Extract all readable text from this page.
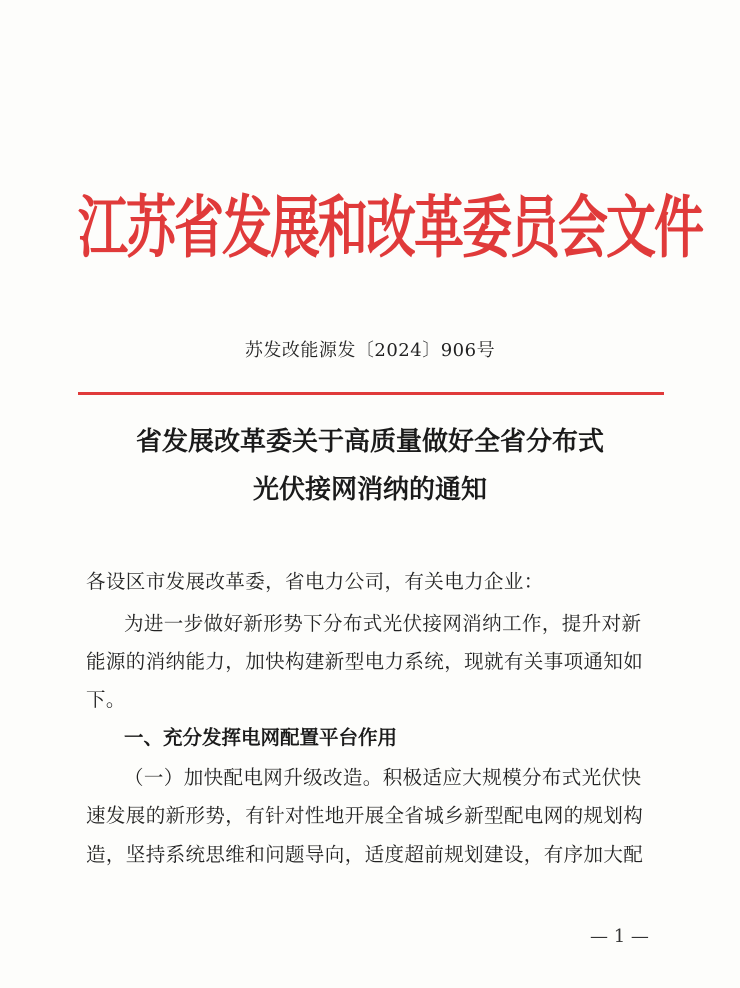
江苏省发展和改革委员会文件
苏发改能源发〔2024〕906号
省发展改革委关于高质量做好全省分布式
光伏接网消纳的通知
各设区市发展改革委，省电力公司，有关电力企业：
为进一步做好新形势下分布式光伏接网消纳工作，提升对新
能源的消纳能力，加快构建新型电力系统，现就有关事项通知如
下。
一、充分发挥电网配置平台作用
（一）加快配电网升级改造。积极适应大规模分布式光伏快
速发展的新形势，有针对性地开展全省城乡新型配电网的规划构
造，坚持系统思维和问题导向，适度超前规划建设，有序加大配
— 1 —
